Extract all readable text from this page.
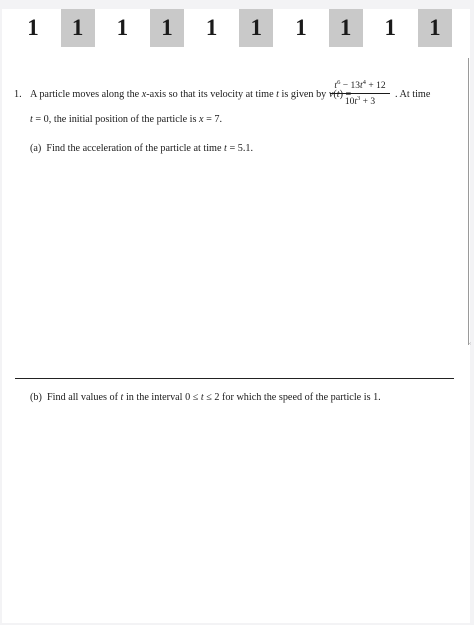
1	1	1	1	1	1	1	1	1	1
‹
1. A particle moves along the x-axis so that its velocity at time t is given by v(t) =
$t^6 - 13t^4 + 12$
$10t^3 + 3$
. At time
t = 0, the initial position of the particle is x = 7.
(a)  Find the acceleration of the particle at time t = 5.1.
(b)  Find all values of t in the interval 0 ≤ t ≤ 2 for which the speed of the particle is 1.
